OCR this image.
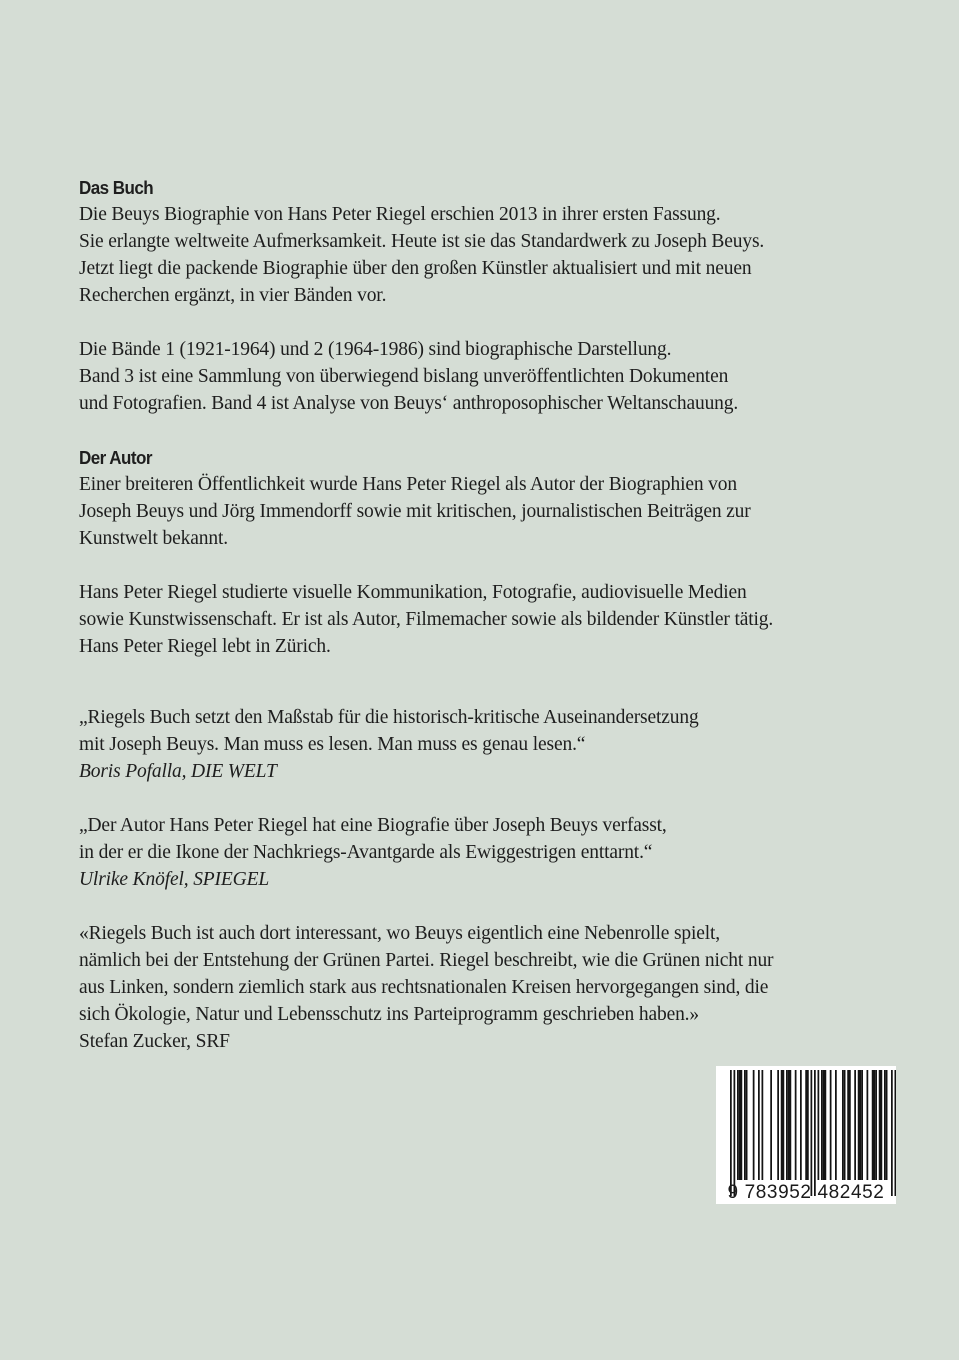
Das Buch
Die Beuys Biographie von Hans Peter Riegel erschien 2013 in ihrer ersten Fassung.
Sie erlangte weltweite Aufmerksamkeit. Heute ist sie das Standardwerk zu Joseph Beuys.
Jetzt liegt die packende Biographie über den großen Künstler aktualisiert und mit neuen
Recherchen ergänzt, in vier Bänden vor.
Die Bände 1 (1921-1964) und 2 (1964-1986) sind biographische Darstellung.
Band 3 ist eine Sammlung von überwiegend bislang unveröffentlichten Dokumenten
und Fotografien. Band 4 ist Analyse von Beuys‘ anthroposophischer Weltanschauung.
Der Autor
Einer breiteren Öffentlichkeit wurde Hans Peter Riegel als Autor der Biographien von
Joseph Beuys und Jörg Immendorff sowie mit kritischen, journalistischen Beiträgen zur
Kunstwelt bekannt.
Hans Peter Riegel studierte visuelle Kommunikation, Fotografie, audiovisuelle Medien
sowie Kunstwissenschaft. Er ist als Autor, Filmemacher sowie als bildender Künstler tätig.
Hans Peter Riegel lebt in Zürich.
„Riegels Buch setzt den Maßstab für die historisch-kritische Auseinandersetzung
mit Joseph Beuys. Man muss es lesen. Man muss es genau lesen.“
Boris Pofalla, DIE WELT
„Der Autor Hans Peter Riegel hat eine Biografie über Joseph Beuys verfasst,
in der er die Ikone der Nachkriegs-Avantgarde als Ewiggestrigen enttarnt.“
Ulrike Knöfel, SPIEGEL
«Riegels Buch ist auch dort interessant, wo Beuys eigentlich eine Nebenrolle spielt,
nämlich bei der Entstehung der Grünen Partei. Riegel beschreibt, wie die Grünen nicht nur
aus Linken, sondern ziemlich stark aus rechtsnationalen Kreisen hervorgegangen sind, die
sich Ökologie, Natur und Lebensschutz ins Parteiprogramm geschrieben haben.»
Stefan Zucker, SRF
9 783952 482452
